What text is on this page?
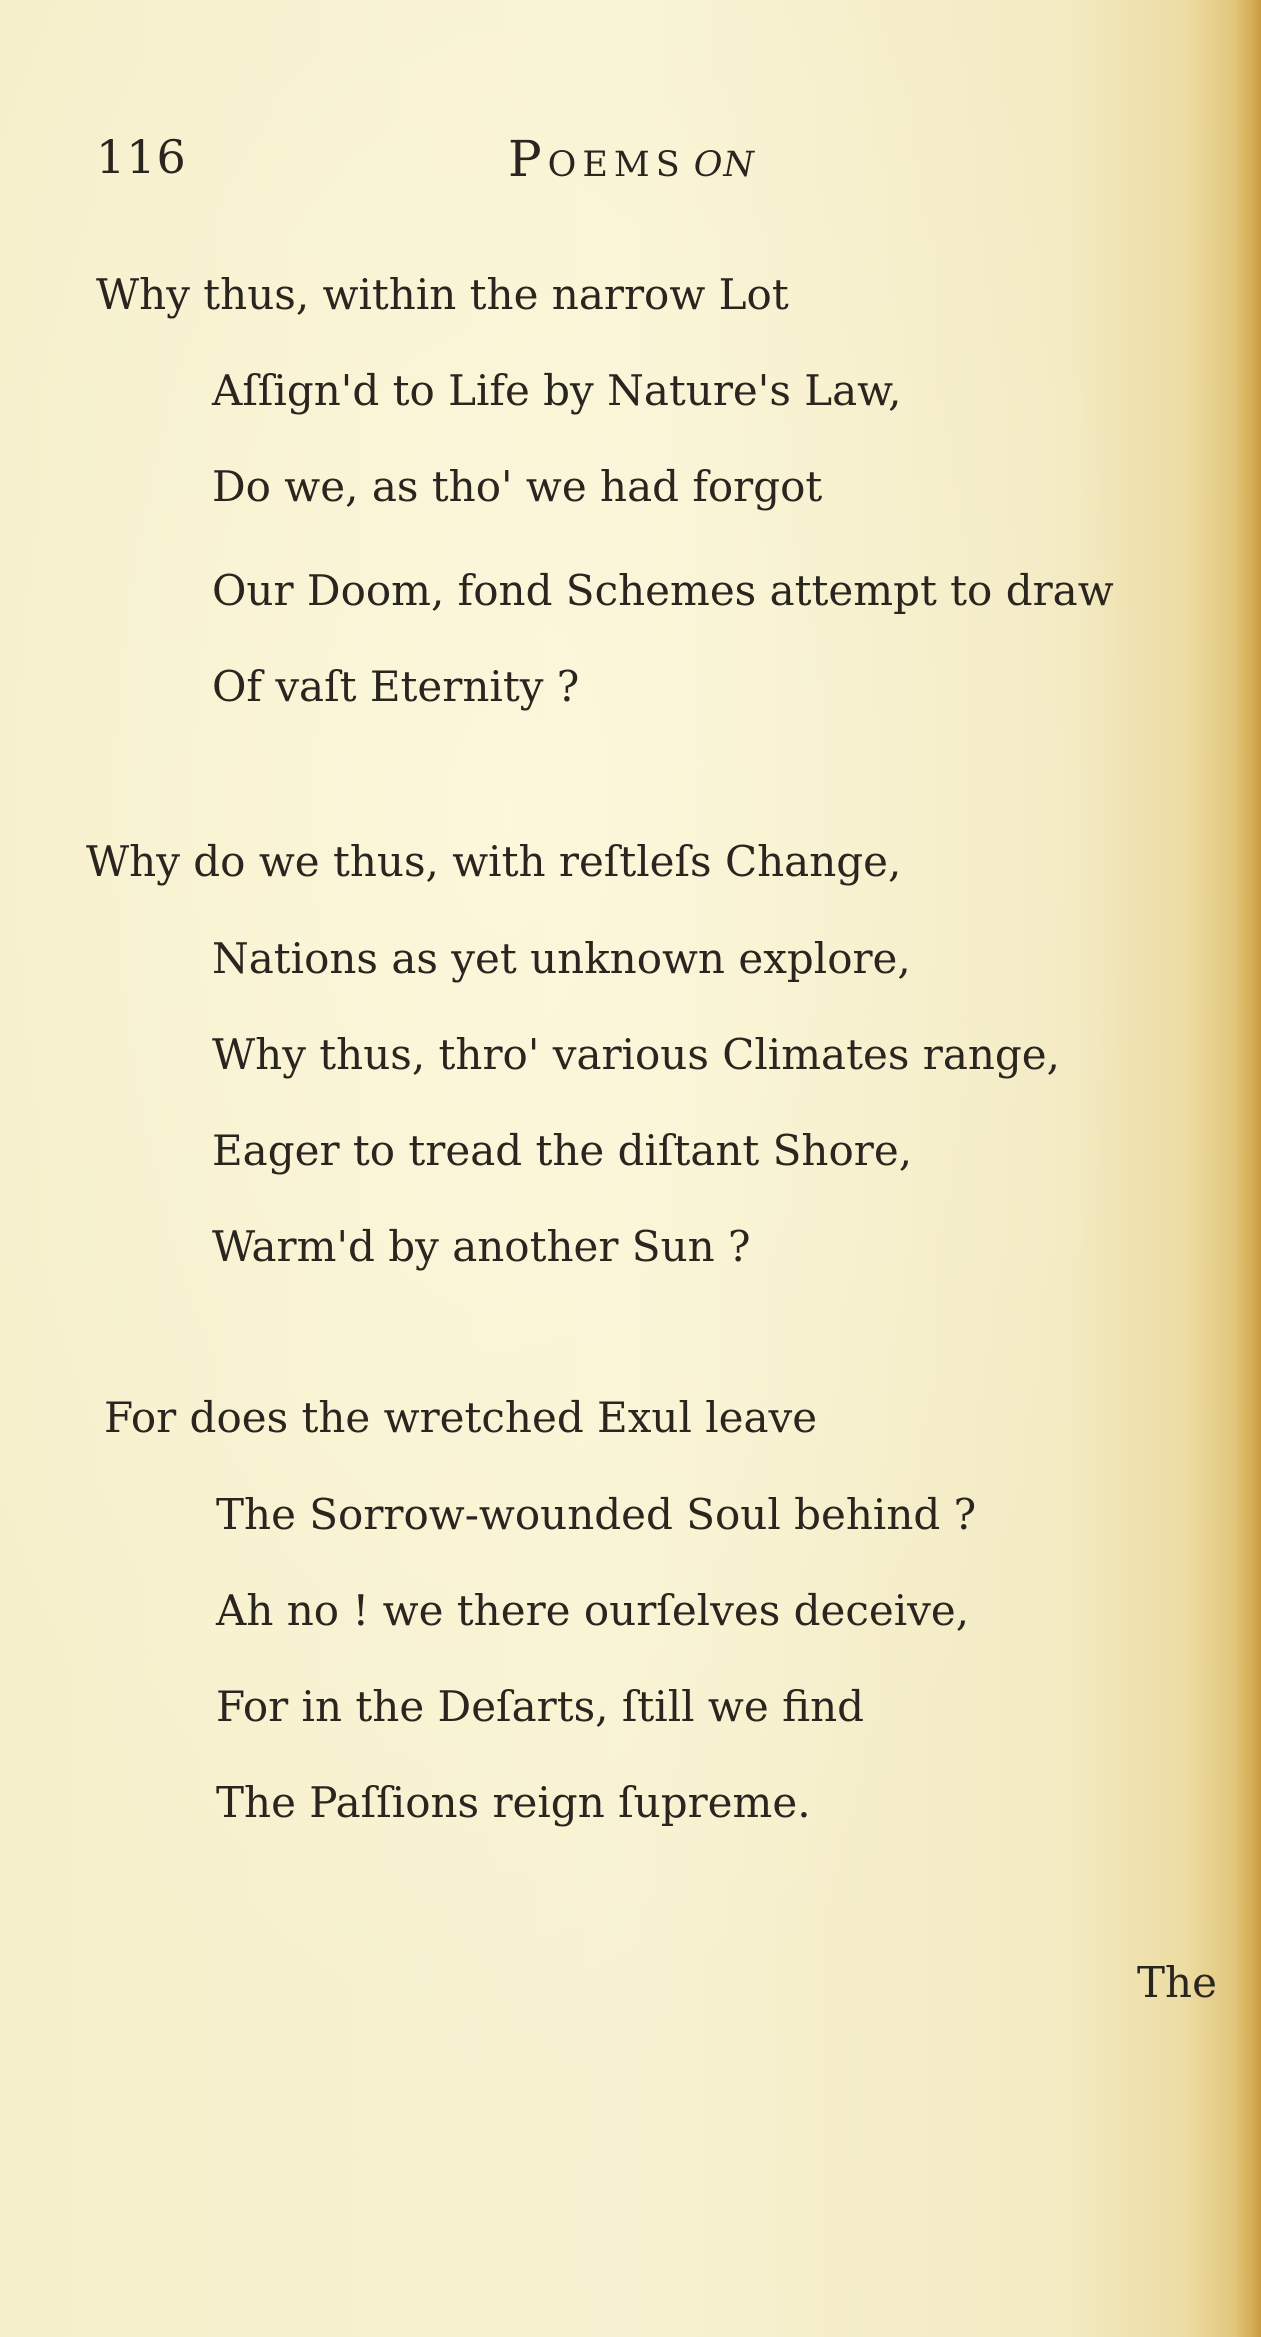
116	Poems on
Why thus, within the narrow Lot
Aſſign'd to Life by Nature's Law,
Do we, as tho' we had forgot
Our Doom, fond Schemes attempt to draw
Of vaſt Eternity ?
Why do we thus, with reſtleſs Change,
Nations as yet unknown explore,
Why thus, thro' various Climates range,
Eager to tread the diſtant Shore,
Warm'd by another Sun ?
For does the wretched Exul leave
The Sorrow-wounded Soul behind ?
Ah no ! we there ourſelves deceive,
For in the Deſarts, ſtill we find
The Paſſions reign ſupreme.
The
